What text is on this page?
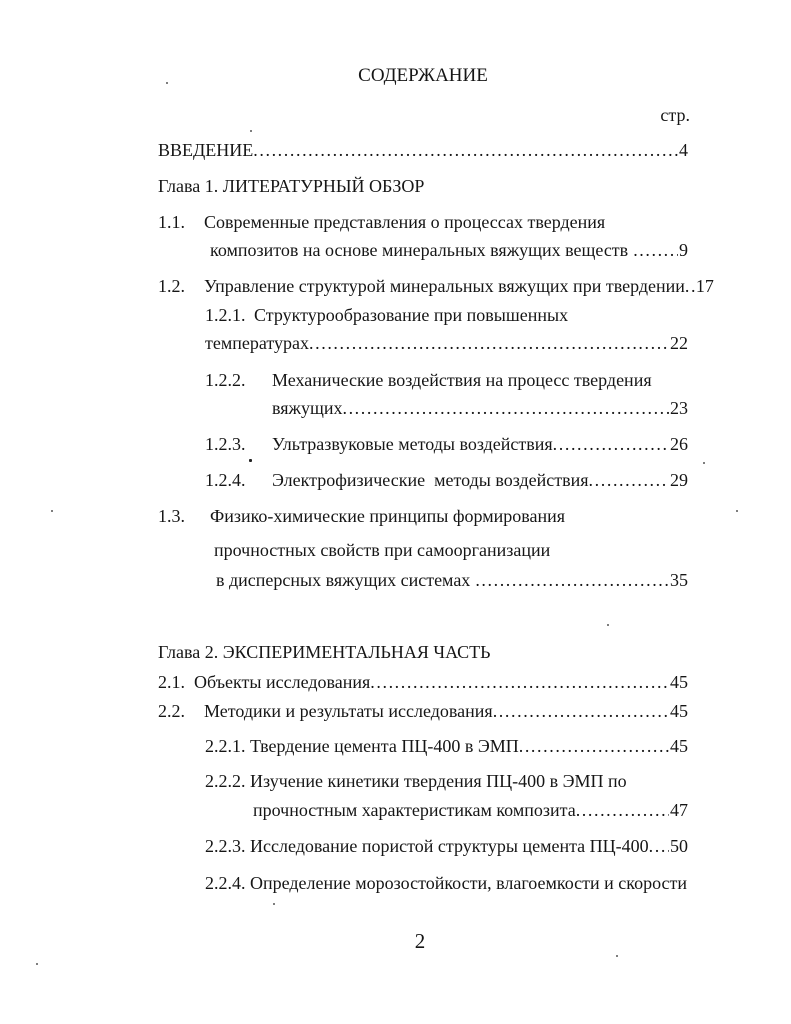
СОДЕРЖАНИЕ
стр.
ВВЕДЕНИЕ .....	4
Глава 1. ЛИТЕРАТУРНЫЙ ОБЗОР
1.1. Современные представления о процессах твердения
композитов на основе минеральных вяжущих веществ .....	9
1.2. Управление структурой минеральных вяжущих при твердении ..... 17
1.2.1. Структурообразование при повышенных
температурах .....	22
1.2.2. Механические воздействия на процесс твердения
вяжущих .....	23
1.2.3. Ультразвуковые методы воздействия .....	26
1.2.4. Электрофизические  методы воздействия .....	29
1.3. Физико-химические принципы формирования
прочностных свойств при самоорганизации
в дисперсных вяжущих системах .....	35
Глава 2. ЭКСПЕРИМЕНТАЛЬНАЯ ЧАСТЬ
2.1. Объекты исследования .....	45
2.2. Методики и результаты исследования .....	45
2.2.1. Твердение цемента ПЦ-400 в ЭМП .....	45
2.2.2. Изучение кинетики твердения ПЦ-400 в ЭМП по
прочностным характеристикам композита .....	47
2.2.3. Исследование пористой структуры цемента ПЦ-400 ..... 50
2.2.4. Определение морозостойкости, влагоемкости и скорости
2
